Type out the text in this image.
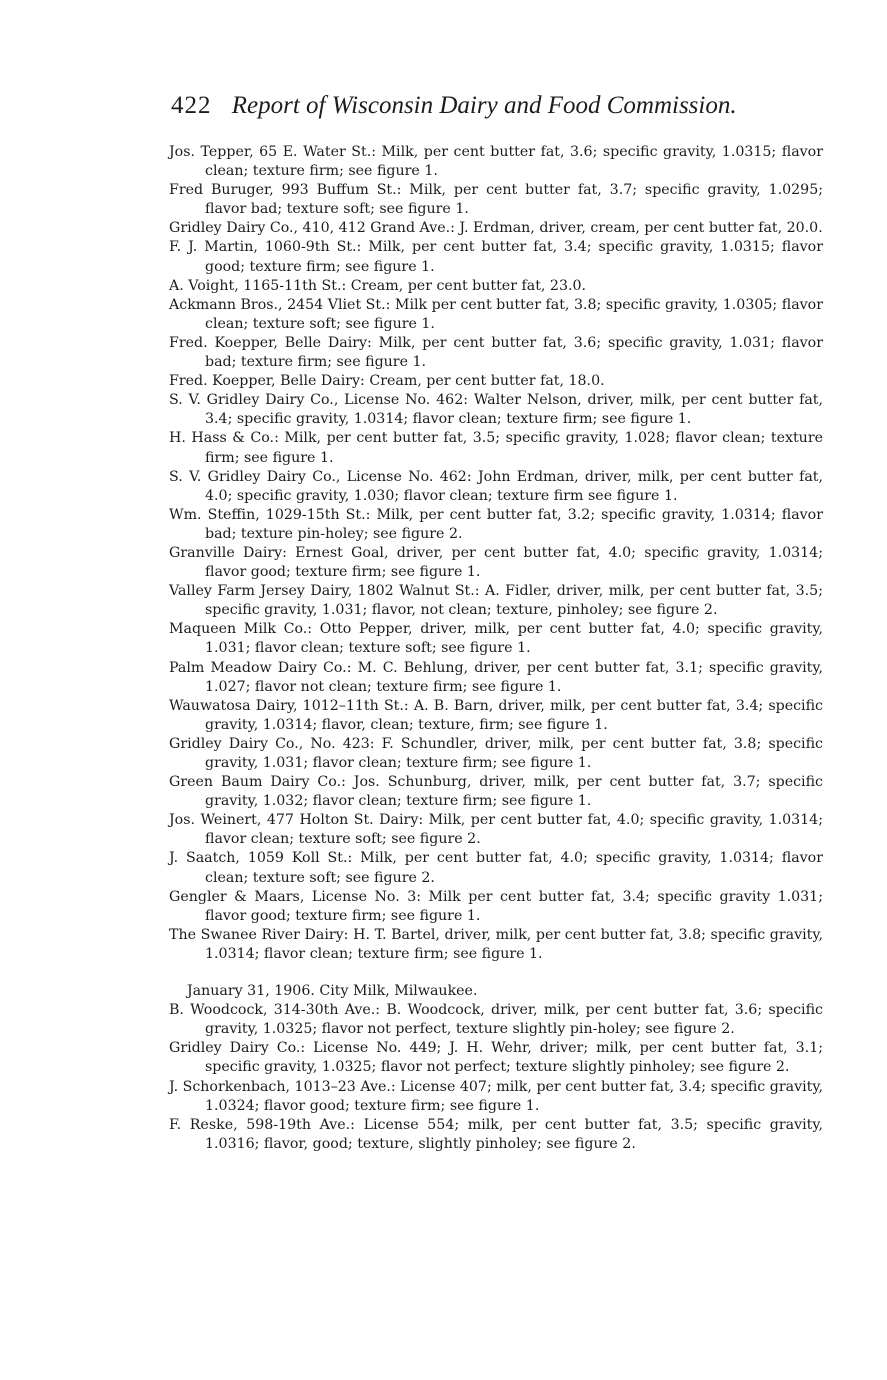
422 Report of Wisconsin Dairy and Food Commission.

Jos. Tepper, 65 E. Water St.: Milk, per cent butter fat, 3.6; specific gravity, 1.0315; flavor clean; texture firm; see figure 1.

Fred Buruger, 993 Buffum St.: Milk, per cent butter fat, 3.7; specific gravity, 1.0295; flavor bad; texture soft; see figure 1.

Gridley Dairy Co., 410, 412 Grand Ave.: J. Erdman, driver, cream, per cent butter fat, 20.0.

F. J. Martin, 1060-9th St.: Milk, per cent butter fat, 3.4; specific gravity, 1.0315; flavor good; texture firm; see figure 1.

A. Voight, 1165-11th St.: Cream, per cent butter fat, 23.0.

Ackmann Bros., 2454 Vliet St.: Milk per cent butter fat, 3.8; specific gravity, 1.0305; flavor clean; texture soft; see figure 1.

Fred. Koepper, Belle Dairy: Milk, per cent butter fat, 3.6; specific gravity, 1.031; flavor bad; texture firm; see figure 1.

Fred. Koepper, Belle Dairy: Cream, per cent butter fat, 18.0.

S. V. Gridley Dairy Co., License No. 462: Walter Nelson, driver, milk, per cent butter fat, 3.4; specific gravity, 1.0314; flavor clean; texture firm; see figure 1.

H. Hass & Co.: Milk, per cent butter fat, 3.5; specific gravity, 1.028; flavor clean; texture firm; see figure 1.

S. V. Gridley Dairy Co., License No. 462: John Erdman, driver, milk, per cent butter fat, 4.0; specific gravity, 1.030; flavor clean; texture firm see figure 1.

Wm. Steffin, 1029-15th St.: Milk, per cent butter fat, 3.2; specific gravity, 1.0314; flavor bad; texture pin-holey; see figure 2.

Granville Dairy: Ernest Goal, driver, per cent butter fat, 4.0; specific gravity, 1.0314; flavor good; texture firm; see figure 1.

Valley Farm Jersey Dairy, 1802 Walnut St.: A. Fidler, driver, milk, per cent butter fat, 3.5; specific gravity, 1.031; flavor, not clean; texture, pinholey; see figure 2.

Maqueen Milk Co.: Otto Pepper, driver, milk, per cent butter fat, 4.0; specific gravity, 1.031; flavor clean; texture soft; see figure 1.

Palm Meadow Dairy Co.: M. C. Behlung, driver, per cent butter fat, 3.1; specific gravity, 1.027; flavor not clean; texture firm; see figure 1.

Wauwatosa Dairy, 1012–11th St.: A. B. Barn, driver, milk, per cent butter fat, 3.4; specific gravity, 1.0314; flavor, clean; texture, firm; see figure 1.

Gridley Dairy Co., No. 423: F. Schundler, driver, milk, per cent butter fat, 3.8; specific gravity, 1.031; flavor clean; texture firm; see figure 1.

Green Baum Dairy Co.: Jos. Schunburg, driver, milk, per cent butter fat, 3.7; specific gravity, 1.032; flavor clean; texture firm; see figure 1.

Jos. Weinert, 477 Holton St. Dairy: Milk, per cent butter fat, 4.0; specific gravity, 1.0314; flavor clean; texture soft; see figure 2.

J. Saatch, 1059 Koll St.: Milk, per cent butter fat, 4.0; specific gravity, 1.0314; flavor clean; texture soft; see figure 2.

Gengler & Maars, License No. 3: Milk per cent butter fat, 3.4; specific gravity 1.031; flavor good; texture firm; see figure 1.

The Swanee River Dairy: H. T. Bartel, driver, milk, per cent butter fat, 3.8; specific gravity, 1.0314; flavor clean; texture firm; see figure 1.

January 31, 1906. City Milk, Milwaukee.

B. Woodcock, 314-30th Ave.: B. Woodcock, driver, milk, per cent butter fat, 3.6; specific gravity, 1.0325; flavor not perfect, texture slightly pin-holey; see figure 2.

Gridley Dairy Co.: License No. 449; J. H. Wehr, driver; milk, per cent butter fat, 3.1; specific gravity, 1.0325; flavor not perfect; texture slightly pinholey; see figure 2.

J. Schorkenbach, 1013–23 Ave.: License 407; milk, per cent butter fat, 3.4; specific gravity, 1.0324; flavor good; texture firm; see figure 1.

F. Reske, 598-19th Ave.: License 554; milk, per cent butter fat, 3.5; specific gravity, 1.0316; flavor, good; texture, slightly pinholey; see figure 2.
